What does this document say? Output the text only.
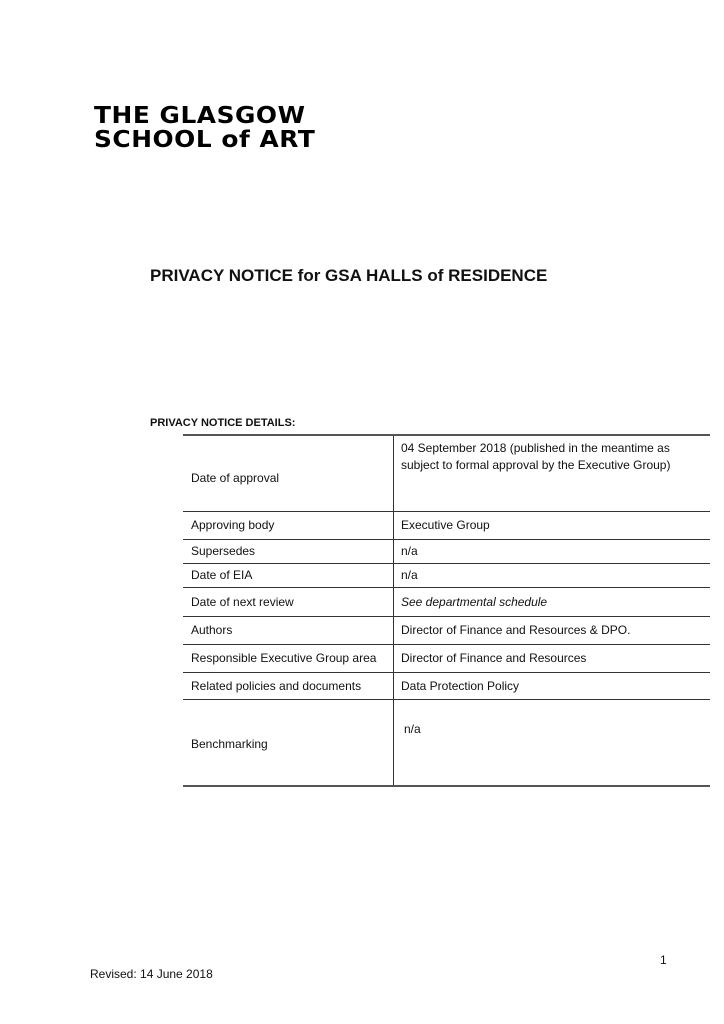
THE GLASGOW
SCHOOL of ART
PRIVACY NOTICE for GSA HALLS of RESIDENCE
PRIVACY NOTICE DETAILS:
Date of approval	04 September 2018 (published in the meantime as subject to formal approval by the Executive Group)
Approving body	Executive Group
Supersedes	n/a
Date of EIA	n/a
Date of next review	See departmental schedule
Authors	Director of Finance and Resources & DPO.
Responsible Executive Group area	Director of Finance and Resources
Related policies and documents	Data Protection Policy
Benchmarking	n/a
1
Revised: 14 June 2018
